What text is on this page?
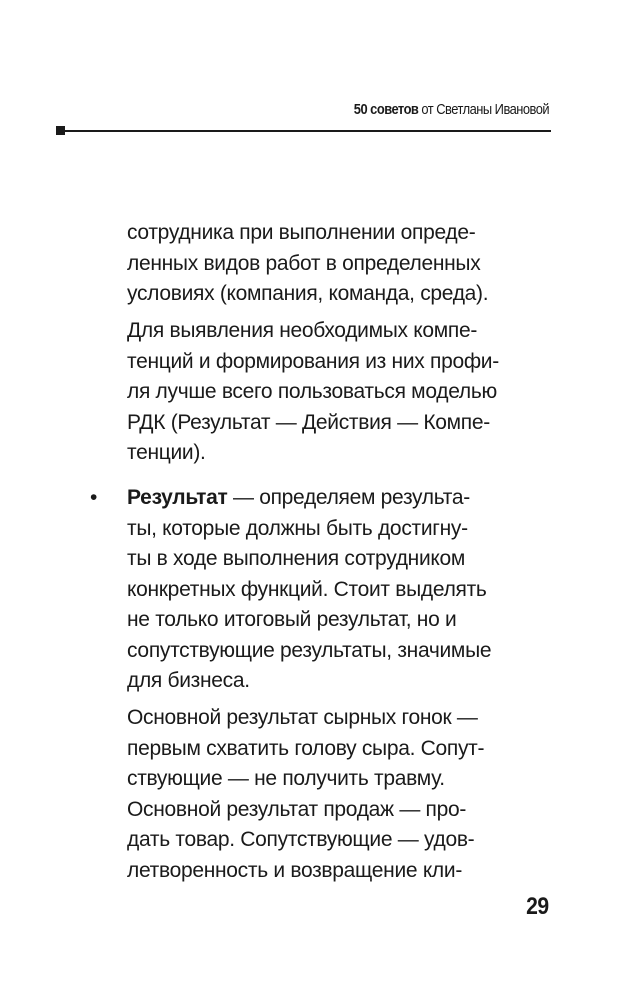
50 советов от Светланы Ивановой
сотрудника при выполнении опреде-
ленных видов работ в определенных
условиях (компания, команда, среда).
Для выявления необходимых компе-
тенций и формирования из них профи-
ля лучше всего пользоваться моделью
РДК (Результат — Действия — Компе-
тенции).
• Результат — определяем результа-
ты, которые должны быть достигну-
ты в ходе выполнения сотрудником
конкретных функций. Стоит выделять
не только итоговый результат, но и
сопутствующие результаты, значимые
для бизнеса.
Основной результат сырных гонок —
первым схватить голову сыра. Сопут-
ствующие — не получить травму.
Основной результат продаж — про-
дать товар. Сопутствующие — удов-
летворенность и возвращение кли-
29
